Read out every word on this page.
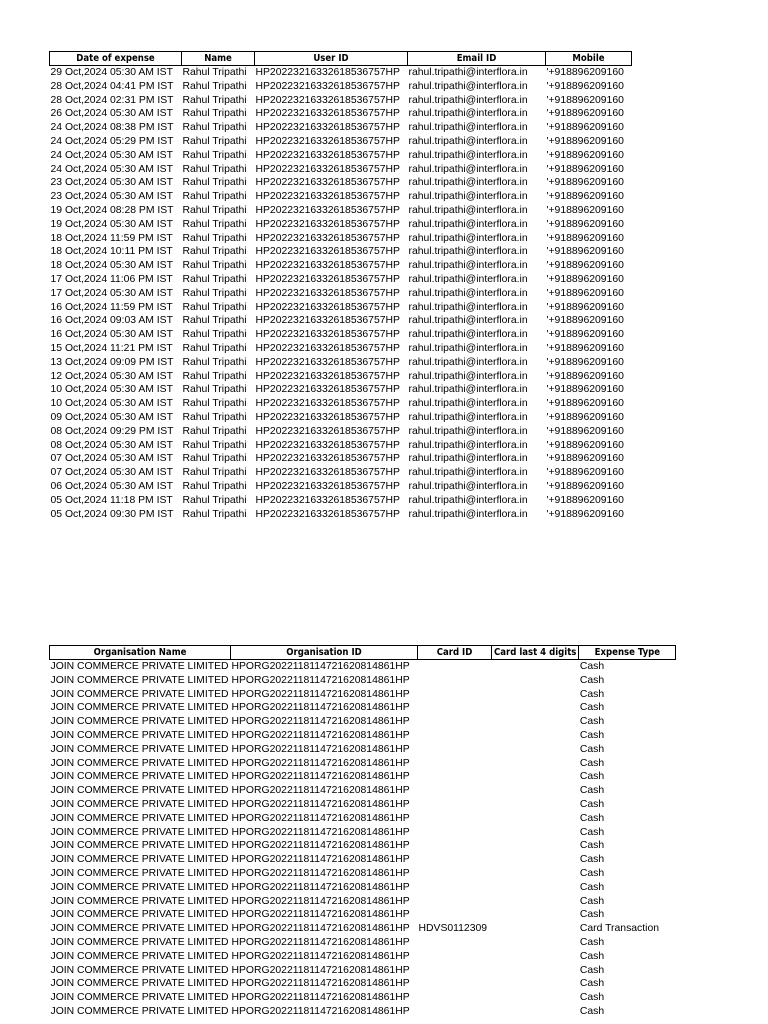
Date of expense	Name	User ID	Email ID	Mobile
29 Oct,2024 05:30 AM IST	Rahul Tripathi	HP20223216332618536757HP	rahul.tripathi@interflora.in	'+918896209160
28 Oct,2024 04:41 PM IST	Rahul Tripathi	HP20223216332618536757HP	rahul.tripathi@interflora.in	'+918896209160
28 Oct,2024 02:31 PM IST	Rahul Tripathi	HP20223216332618536757HP	rahul.tripathi@interflora.in	'+918896209160
26 Oct,2024 05:30 AM IST	Rahul Tripathi	HP20223216332618536757HP	rahul.tripathi@interflora.in	'+918896209160
24 Oct,2024 08:38 PM IST	Rahul Tripathi	HP20223216332618536757HP	rahul.tripathi@interflora.in	'+918896209160
24 Oct,2024 05:29 PM IST	Rahul Tripathi	HP20223216332618536757HP	rahul.tripathi@interflora.in	'+918896209160
24 Oct,2024 05:30 AM IST	Rahul Tripathi	HP20223216332618536757HP	rahul.tripathi@interflora.in	'+918896209160
24 Oct,2024 05:30 AM IST	Rahul Tripathi	HP20223216332618536757HP	rahul.tripathi@interflora.in	'+918896209160
23 Oct,2024 05:30 AM IST	Rahul Tripathi	HP20223216332618536757HP	rahul.tripathi@interflora.in	'+918896209160
23 Oct,2024 05:30 AM IST	Rahul Tripathi	HP20223216332618536757HP	rahul.tripathi@interflora.in	'+918896209160
19 Oct,2024 08:28 PM IST	Rahul Tripathi	HP20223216332618536757HP	rahul.tripathi@interflora.in	'+918896209160
19 Oct,2024 05:30 AM IST	Rahul Tripathi	HP20223216332618536757HP	rahul.tripathi@interflora.in	'+918896209160
18 Oct,2024 11:59 PM IST	Rahul Tripathi	HP20223216332618536757HP	rahul.tripathi@interflora.in	'+918896209160
18 Oct,2024 10:11 PM IST	Rahul Tripathi	HP20223216332618536757HP	rahul.tripathi@interflora.in	'+918896209160
18 Oct,2024 05:30 AM IST	Rahul Tripathi	HP20223216332618536757HP	rahul.tripathi@interflora.in	'+918896209160
17 Oct,2024 11:06 PM IST	Rahul Tripathi	HP20223216332618536757HP	rahul.tripathi@interflora.in	'+918896209160
17 Oct,2024 05:30 AM IST	Rahul Tripathi	HP20223216332618536757HP	rahul.tripathi@interflora.in	'+918896209160
16 Oct,2024 11:59 PM IST	Rahul Tripathi	HP20223216332618536757HP	rahul.tripathi@interflora.in	'+918896209160
16 Oct,2024 09:03 AM IST	Rahul Tripathi	HP20223216332618536757HP	rahul.tripathi@interflora.in	'+918896209160
16 Oct,2024 05:30 AM IST	Rahul Tripathi	HP20223216332618536757HP	rahul.tripathi@interflora.in	'+918896209160
15 Oct,2024 11:21 PM IST	Rahul Tripathi	HP20223216332618536757HP	rahul.tripathi@interflora.in	'+918896209160
13 Oct,2024 09:09 PM IST	Rahul Tripathi	HP20223216332618536757HP	rahul.tripathi@interflora.in	'+918896209160
12 Oct,2024 05:30 AM IST	Rahul Tripathi	HP20223216332618536757HP	rahul.tripathi@interflora.in	'+918896209160
10 Oct,2024 05:30 AM IST	Rahul Tripathi	HP20223216332618536757HP	rahul.tripathi@interflora.in	'+918896209160
10 Oct,2024 05:30 AM IST	Rahul Tripathi	HP20223216332618536757HP	rahul.tripathi@interflora.in	'+918896209160
09 Oct,2024 05:30 AM IST	Rahul Tripathi	HP20223216332618536757HP	rahul.tripathi@interflora.in	'+918896209160
08 Oct,2024 09:29 PM IST	Rahul Tripathi	HP20223216332618536757HP	rahul.tripathi@interflora.in	'+918896209160
08 Oct,2024 05:30 AM IST	Rahul Tripathi	HP20223216332618536757HP	rahul.tripathi@interflora.in	'+918896209160
07 Oct,2024 05:30 AM IST	Rahul Tripathi	HP20223216332618536757HP	rahul.tripathi@interflora.in	'+918896209160
07 Oct,2024 05:30 AM IST	Rahul Tripathi	HP20223216332618536757HP	rahul.tripathi@interflora.in	'+918896209160
06 Oct,2024 05:30 AM IST	Rahul Tripathi	HP20223216332618536757HP	rahul.tripathi@interflora.in	'+918896209160
05 Oct,2024 11:18 PM IST	Rahul Tripathi	HP20223216332618536757HP	rahul.tripathi@interflora.in	'+918896209160
05 Oct,2024 09:30 PM IST	Rahul Tripathi	HP20223216332618536757HP	rahul.tripathi@interflora.in	'+918896209160
Organisation Name	Organisation ID	Card ID	Card last 4 digits	Expense Type
JOIN COMMERCE PRIVATE LIMITED	HPORG2022118114721620814861HP			Cash
JOIN COMMERCE PRIVATE LIMITED	HPORG2022118114721620814861HP			Cash
JOIN COMMERCE PRIVATE LIMITED	HPORG2022118114721620814861HP			Cash
JOIN COMMERCE PRIVATE LIMITED	HPORG2022118114721620814861HP			Cash
JOIN COMMERCE PRIVATE LIMITED	HPORG2022118114721620814861HP			Cash
JOIN COMMERCE PRIVATE LIMITED	HPORG2022118114721620814861HP			Cash
JOIN COMMERCE PRIVATE LIMITED	HPORG2022118114721620814861HP			Cash
JOIN COMMERCE PRIVATE LIMITED	HPORG2022118114721620814861HP			Cash
JOIN COMMERCE PRIVATE LIMITED	HPORG2022118114721620814861HP			Cash
JOIN COMMERCE PRIVATE LIMITED	HPORG2022118114721620814861HP			Cash
JOIN COMMERCE PRIVATE LIMITED	HPORG2022118114721620814861HP			Cash
JOIN COMMERCE PRIVATE LIMITED	HPORG2022118114721620814861HP			Cash
JOIN COMMERCE PRIVATE LIMITED	HPORG2022118114721620814861HP			Cash
JOIN COMMERCE PRIVATE LIMITED	HPORG2022118114721620814861HP			Cash
JOIN COMMERCE PRIVATE LIMITED	HPORG2022118114721620814861HP			Cash
JOIN COMMERCE PRIVATE LIMITED	HPORG2022118114721620814861HP			Cash
JOIN COMMERCE PRIVATE LIMITED	HPORG2022118114721620814861HP			Cash
JOIN COMMERCE PRIVATE LIMITED	HPORG2022118114721620814861HP			Cash
JOIN COMMERCE PRIVATE LIMITED	HPORG2022118114721620814861HP			Cash
JOIN COMMERCE PRIVATE LIMITED	HPORG2022118114721620814861HP	HDVS0112309		Card Transaction
JOIN COMMERCE PRIVATE LIMITED	HPORG2022118114721620814861HP			Cash
JOIN COMMERCE PRIVATE LIMITED	HPORG2022118114721620814861HP			Cash
JOIN COMMERCE PRIVATE LIMITED	HPORG2022118114721620814861HP			Cash
JOIN COMMERCE PRIVATE LIMITED	HPORG2022118114721620814861HP			Cash
JOIN COMMERCE PRIVATE LIMITED	HPORG2022118114721620814861HP			Cash
JOIN COMMERCE PRIVATE LIMITED	HPORG2022118114721620814861HP			Cash
